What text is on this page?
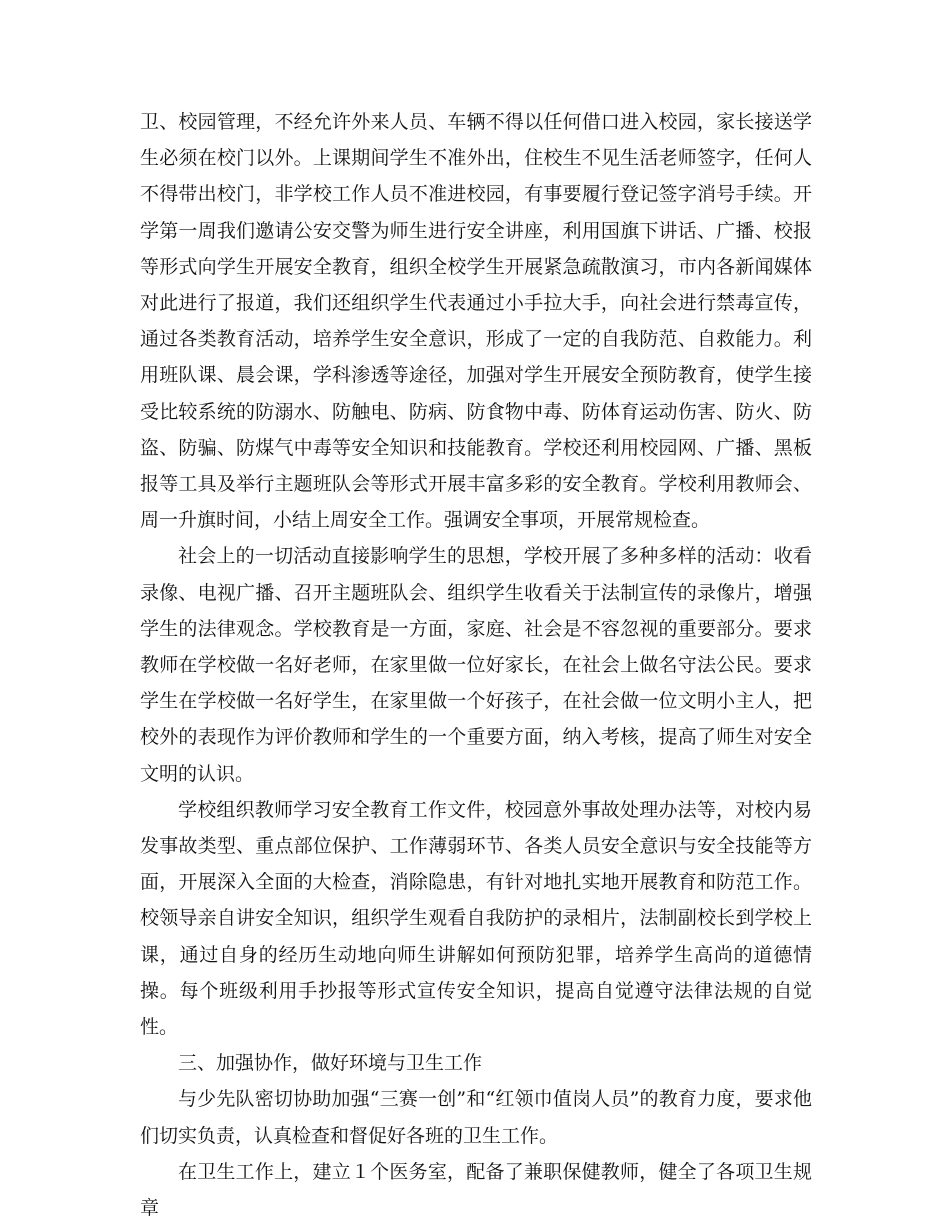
卫、校园管理，不经允许外来人员、车辆不得以任何借口进入校园，家长接送学生必须在校门以外。上课期间学生不准外出，住校生不见生活老师签字，任何人不得带出校门，非学校工作人员不准进校园，有事要履行登记签字消号手续。开学第一周我们邀请公安交警为师生进行安全讲座，利用国旗下讲话、广播、校报等形式向学生开展安全教育，组织全校学生开展紧急疏散演习，市内各新闻媒体对此进行了报道，我们还组织学生代表通过小手拉大手，向社会进行禁毒宣传，通过各类教育活动，培养学生安全意识，形成了一定的自我防范、自救能力。利用班队课、晨会课，学科渗透等途径，加强对学生开展安全预防教育，使学生接受比较系统的防溺水、防触电、防病、防食物中毒、防体育运动伤害、防火、防盗、防骗、防煤气中毒等安全知识和技能教育。学校还利用校园网、广播、黑板报等工具及举行主题班队会等形式开展丰富多彩的安全教育。学校利用教师会、周一升旗时间，小结上周安全工作。强调安全事项，开展常规检查。

社会上的一切活动直接影响学生的思想，学校开展了多种多样的活动：收看录像、电视广播、召开主题班队会、组织学生收看关于法制宣传的录像片，增强学生的法律观念。学校教育是一方面，家庭、社会是不容忽视的重要部分。要求教师在学校做一名好老师，在家里做一位好家长，在社会上做名守法公民。要求学生在学校做一名好学生，在家里做一个好孩子，在社会做一位文明小主人，把校外的表现作为评价教师和学生的一个重要方面，纳入考核，提高了师生对安全文明的认识。

学校组织教师学习安全教育工作文件，校园意外事故处理办法等，对校内易发事故类型、重点部位保护、工作薄弱环节、各类人员安全意识与安全技能等方面，开展深入全面的大检查，消除隐患，有针对地扎实地开展教育和防范工作。 校领导亲自讲安全知识，组织学生观看自我防护的录相片，法制副校长到学校上课，通过自身的经历生动地向师生讲解如何预防犯罪，培养学生高尚的道德情操。每个班级利用手抄报等形式宣传安全知识，提高自觉遵守法律法规的自觉性。

三、加强协作，做好环境与卫生工作

与少先队密切协助加强“三赛一创”和“红领巾值岗人员”的教育力度，要求他们切实负责，认真检查和督促好各班的卫生工作。

在卫生工作上，建立１个医务室，配备了兼职保健教师，健全了各项卫生规章
